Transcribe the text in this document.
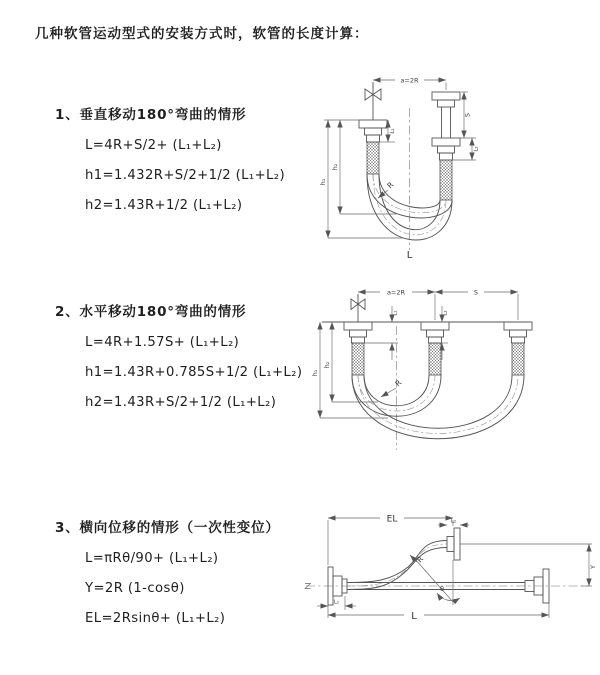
几种软管运动型式的安装方式时，软管的长度计算：
1、垂直移动180°弯曲的情形
L=4R+S/2+ (L₁+L₂)
h1=1.432R+S/2+1/2 (L₁+L₂)
h2=1.43R+1/2 (L₁+L₂)
2、水平移动180°弯曲的情形
L=4R+1.57S+ (L₁+L₂)
h1=1.43R+0.785S+1/2 (L₁+L₂)
h2=1.43R+S/2+1/2 (L₁+L₂)
3、横向位移的情形（一次性变位）
L=πRθ/90+ (L₁+L₂)
Y=2R (1-cosθ)
EL=2Rsinθ+ (L₁+L₂)
a=2R
h₁
h₂
L₁
S
L₂
R
L
a=2R	S
h₁
h₂
L₁	L₂
R
EL	L₂
Y
θ
R
L₁
L
